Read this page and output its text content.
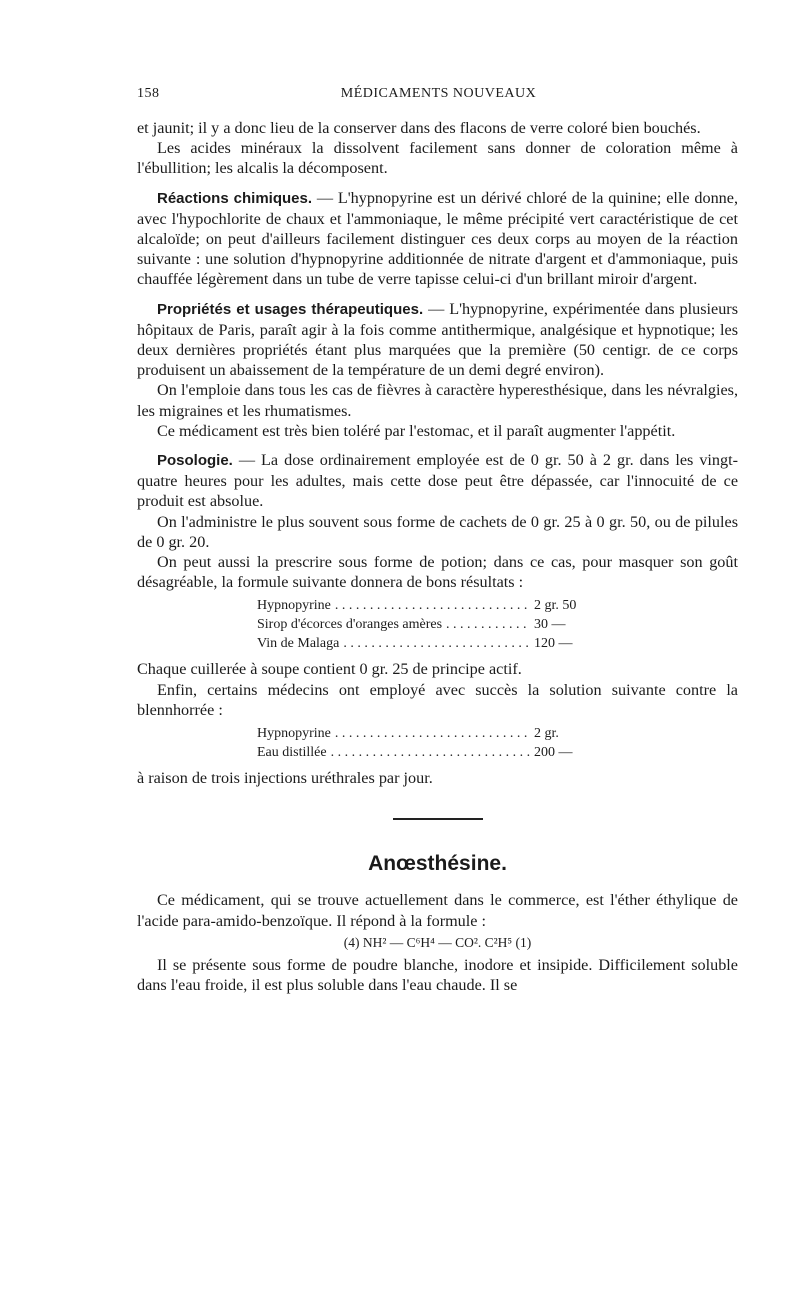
158	MÉDICAMENTS NOUVEAUX

et jaunit; il y a donc lieu de la conserver dans des flacons de verre coloré bien bouchés.

Les acides minéraux la dissolvent facilement sans donner de coloration même à l'ébullition; les alcalis la décomposent.

Réactions chimiques. — L'hypnopyrine est un dérivé chloré de la quinine; elle donne, avec l'hypochlorite de chaux et l'ammoniaque, le même précipité vert caractéristique de cet alcaloïde; on peut d'ailleurs facilement distinguer ces deux corps au moyen de la réaction suivante : une solution d'hypnopyrine additionnée de nitrate d'argent et d'ammoniaque, puis chauffée légèrement dans un tube de verre tapisse celui-ci d'un brillant miroir d'argent.

Propriétés et usages thérapeutiques. — L'hypnopyrine, expérimentée dans plusieurs hôpitaux de Paris, paraît agir à la fois comme antithermique, analgésique et hypnotique; les deux dernières propriétés étant plus marquées que la première (50 centigr. de ce corps produisent un abaissement de la température de un demi degré environ).

On l'emploie dans tous les cas de fièvres à caractère hyperesthésique, dans les névralgies, les migraines et les rhumatismes.

Ce médicament est très bien toléré par l'estomac, et il paraît augmenter l'appétit.

Posologie. — La dose ordinairement employée est de 0 gr. 50 à 2 gr. dans les vingt-quatre heures pour les adultes, mais cette dose peut être dépassée, car l'innocuité de ce produit est absolue.

On l'administre le plus souvent sous forme de cachets de 0 gr. 25 à 0 gr. 50, ou de pilules de 0 gr. 20.

On peut aussi la prescrire sous forme de potion; dans ce cas, pour masquer son goût désagréable, la formule suivante donnera de bons résultats :

Hypnopyrine . . .	2 gr. 50
Sirop d'écorces d'oranges amères . . .	30 —
Vin de Malaga . . .	120 —

Chaque cuillerée à soupe contient 0 gr. 25 de principe actif.

Enfin, certains médecins ont employé avec succès la solution suivante contre la blennhorrée :

Hypnopyrine . . .	2 gr.
Eau distillée . . .	200 —

à raison de trois injections uréthrales par jour.

Anœsthésine.

Ce médicament, qui se trouve actuellement dans le commerce, est l'éther éthylique de l'acide para-amido-benzoïque. Il répond à la formule :

(4) NH² — C⁶H⁴ — CO². C²H⁵ (1)

Il se présente sous forme de poudre blanche, inodore et insipide. Difficilement soluble dans l'eau froide, il est plus soluble dans l'eau chaude. Il se
